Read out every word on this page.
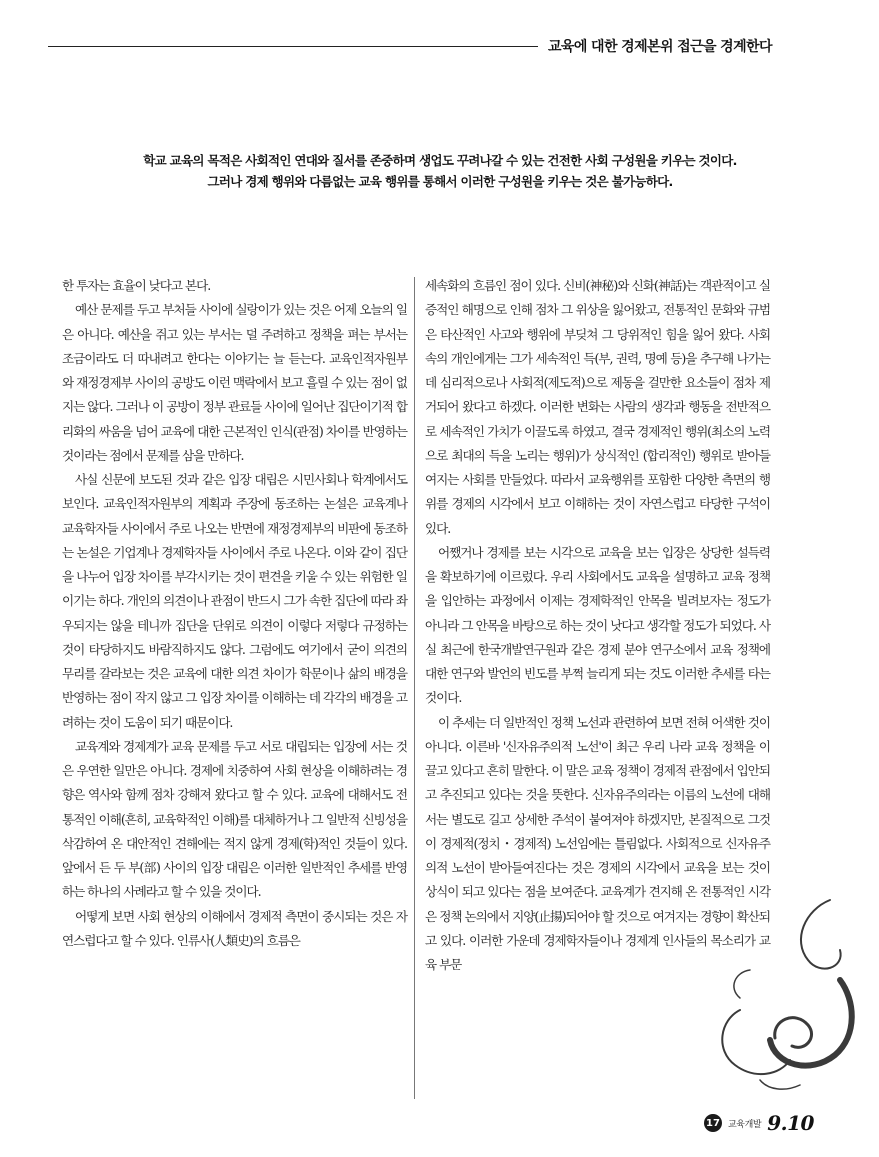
교육에 대한 경제본위 접근을 경계한다

학교 교육의 목적은 사회적인 연대와 질서를 존중하며 생업도 꾸려나갈 수 있는 건전한 사회 구성원을 키우는 것이다.

그러나 경제 행위와 다름없는 교육 행위를 통해서 이러한 구성원을 키우는 것은 불가능하다.

한 투자는 효율이 낮다고 본다.

예산 문제를 두고 부처들 사이에 실랑이가 있는 것은 어제 오늘의 일은 아니다. 예산을 쥐고 있는 부서는 덜 주려하고 정책을 펴는 부서는 조금이라도 더 따내려고 한다는 이야기는 늘 듣는다. 교육인적자원부와 재정경제부 사이의 공방도 이런 맥락에서 보고 흘릴 수 있는 점이 없지는 않다. 그러나 이 공방이 정부 관료들 사이에 일어난 집단이기적 합리화의 싸움을 넘어 교육에 대한 근본적인 인식(관점) 차이를 반영하는 것이라는 점에서 문제를 삼을 만하다.

사실 신문에 보도된 것과 같은 입장 대립은 시민사회나 학계에서도 보인다. 교육인적자원부의 계획과 주장에 동조하는 논설은 교육계나 교육학자들 사이에서 주로 나오는 반면에 재정경제부의 비판에 동조하는 논설은 기업계나 경제학자들 사이에서 주로 나온다. 이와 같이 집단을 나누어 입장 차이를 부각시키는 것이 편견을 키울 수 있는 위험한 일이기는 하다. 개인의 의견이나 관점이 반드시 그가 속한 집단에 따라 좌우되지는 않을 테니까 집단을 단위로 의견이 이렇다 저렇다 규정하는 것이 타당하지도 바람직하지도 않다. 그럼에도 여기에서 굳이 의견의 무리를 갈라보는 것은 교육에 대한 의견 차이가 학문이나 삶의 배경을 반영하는 점이 작지 않고 그 입장 차이를 이해하는 데 각각의 배경을 고려하는 것이 도움이 되기 때문이다.

교육계와 경제계가 교육 문제를 두고 서로 대립되는 입장에 서는 것은 우연한 일만은 아니다. 경제에 치중하여 사회 현상을 이해하려는 경향은 역사와 함께 점차 강해져 왔다고 할 수 있다. 교육에 대해서도 전통적인 이해(흔히, 교육학적인 이해)를 대체하거나 그 일반적 신빙성을 삭감하여 온 대안적인 견해에는 적지 않게 경제(학)적인 것들이 있다. 앞에서 든 두 부(部) 사이의 입장 대립은 이러한 일반적인 추세를 반영하는 하나의 사례라고 할 수 있을 것이다.

어떻게 보면 사회 현상의 이해에서 경제적 측면이 중시되는 것은 자연스럽다고 할 수 있다. 인류사(人類史)의 흐름은

세속화의 흐름인 점이 있다. 신비(神秘)와 신화(神話)는 객관적이고 실증적인 해명으로 인해 점차 그 위상을 잃어왔고, 전통적인 문화와 규범은 타산적인 사고와 행위에 부딪쳐 그 당위적인 힘을 잃어 왔다. 사회 속의 개인에게는 그가 세속적인 득(부, 권력, 명예 등)을 추구해 나가는 데 심리적으로나 사회적(제도적)으로 제동을 걸만한 요소들이 점차 제거되어 왔다고 하겠다. 이러한 변화는 사람의 생각과 행동을 전반적으로 세속적인 가치가 이끌도록 하였고, 결국 경제적인 행위(최소의 노력으로 최대의 득을 노리는 행위)가 상식적인 (합리적인) 행위로 받아들여지는 사회를 만들었다. 따라서 교육행위를 포함한 다양한 측면의 행위를 경제의 시각에서 보고 이해하는 것이 자연스럽고 타당한 구석이 있다.

어쨌거나 경제를 보는 시각으로 교육을 보는 입장은 상당한 설득력을 확보하기에 이르렀다. 우리 사회에서도 교육을 설명하고 교육 정책을 입안하는 과정에서 이제는 경제학적인 안목을 빌려보자는 정도가 아니라 그 안목을 바탕으로 하는 것이 낫다고 생각할 정도가 되었다. 사실 최근에 한국개발연구원과 같은 경제 분야 연구소에서 교육 정책에 대한 연구와 발언의 빈도를 부쩍 늘리게 되는 것도 이러한 추세를 타는 것이다.

이 추세는 더 일반적인 정책 노선과 관련하여 보면 전혀 어색한 것이 아니다. 이른바 '신자유주의적 노선'이 최근 우리 나라 교육 정책을 이끌고 있다고 흔히 말한다. 이 말은 교육 정책이 경제적 관점에서 입안되고 추진되고 있다는 것을 뜻한다. 신자유주의라는 이름의 노선에 대해서는 별도로 길고 상세한 주석이 붙여져야 하겠지만, 본질적으로 그것이 경제적(정치・경제적) 노선임에는 틀림없다. 사회적으로 신자유주의적 노선이 받아들여진다는 것은 경제의 시각에서 교육을 보는 것이 상식이 되고 있다는 점을 보여준다. 교육계가 견지해 온 전통적인 시각은 정책 논의에서 지양(止揚)되어야 할 것으로 여겨지는 경향이 확산되고 있다. 이러한 가운데 경제학자들이나 경제계 인사들의 목소리가 교육 부문

17 교육개발 9.10
